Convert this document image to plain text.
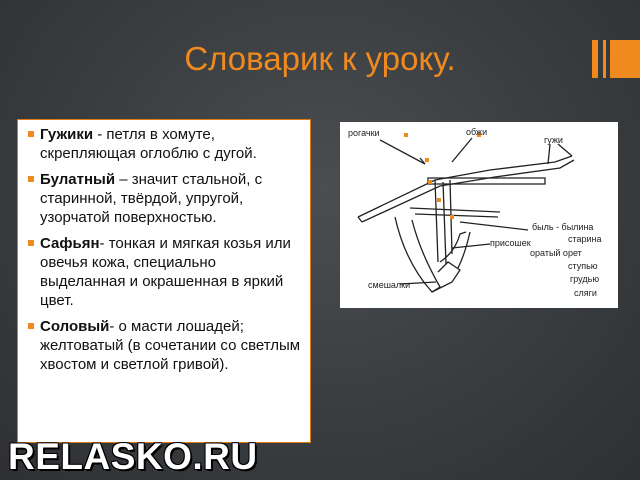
Словарик к уроку.
Гужики - петля в хомуте, скрепляющая оглоблю с дугой.
Булатный – значит стальной, с старинной, твёрдой, упругой, узорчатой поверхностью.
Сафьян- тонкая и мягкая козья или овечья кожа, специально выделанная и окрашенная в яркий цвет.
Соловый- о масти лошадей; желтоватый (в сочетании со светлым хвостом и светлой гривой).
рогачки	обжи
гужи
быль - былина
старина
присошек
оратый орет
ступью
грудью
смешалки
сляги
RELASKO.RU
